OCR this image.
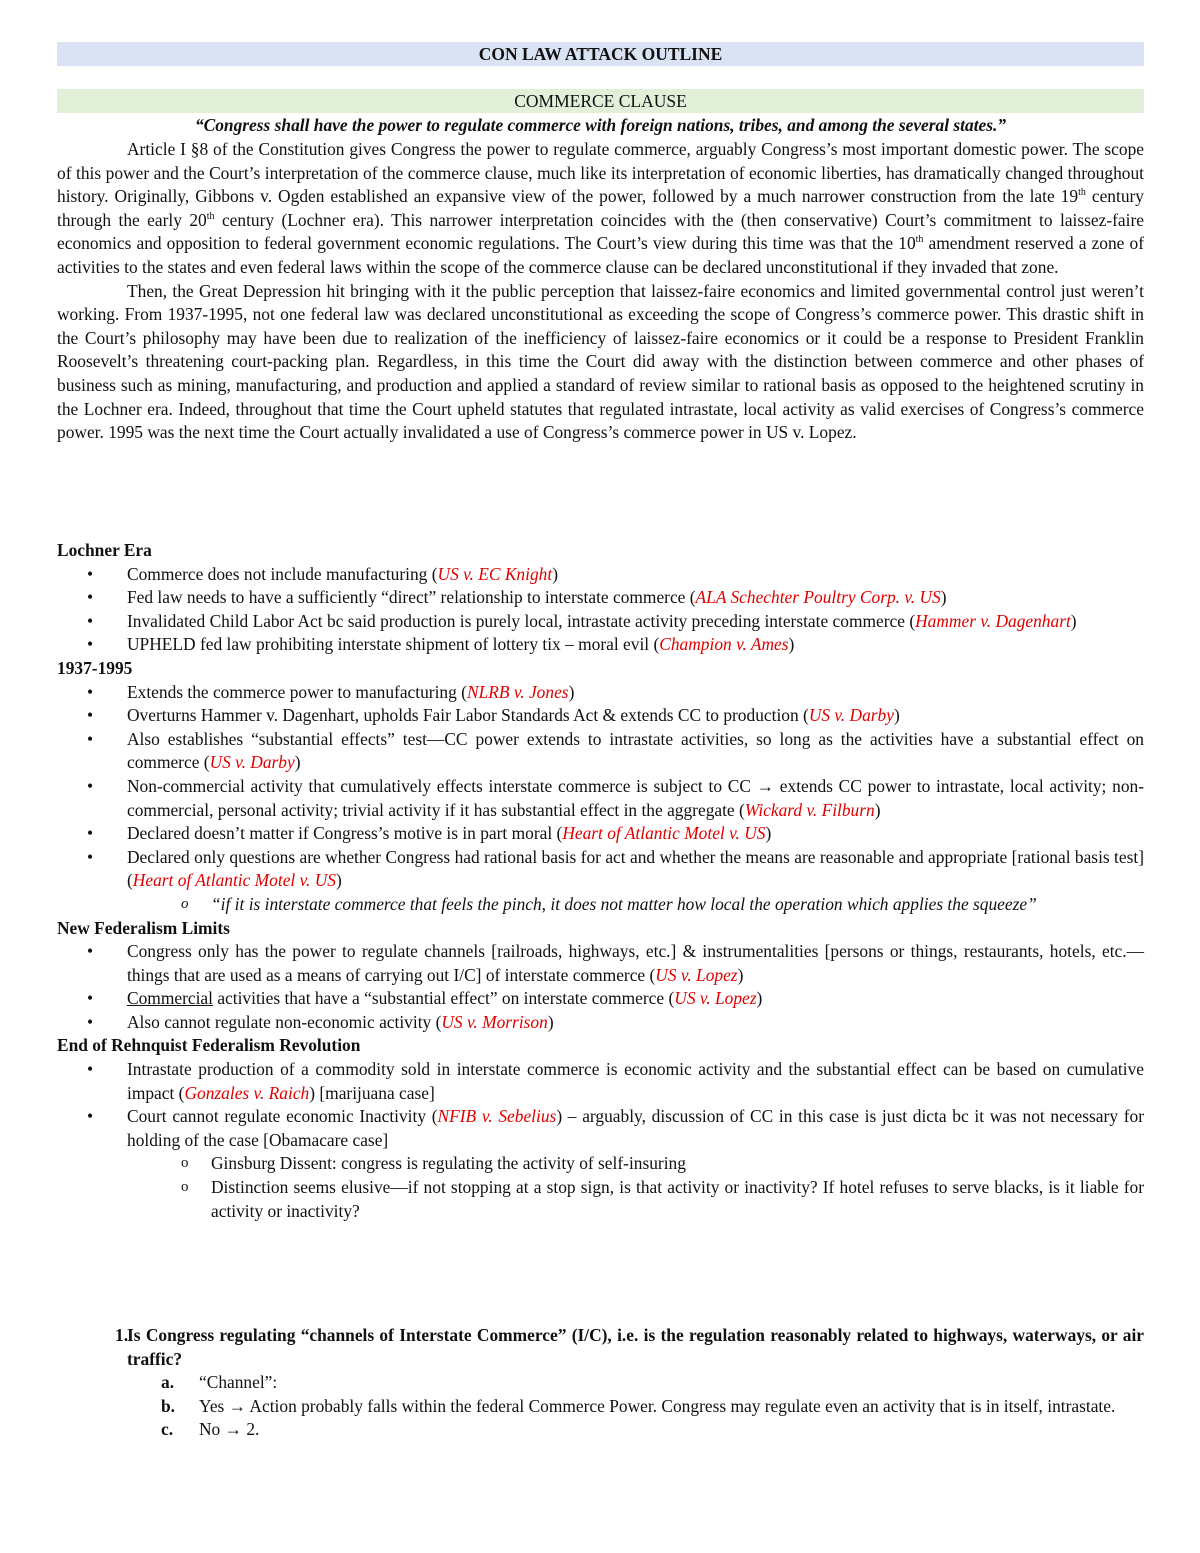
CON LAW ATTACK OUTLINE
COMMERCE CLAUSE
“Congress shall have the power to regulate commerce with foreign nations, tribes, and among the several states.”

Article I §8 of the Constitution gives Congress the power to regulate commerce, arguably Congress’s most important domestic power. The scope of this power and the Court’s interpretation of the commerce clause, much like its interpretation of economic liberties, has dramatically changed throughout history. Originally, Gibbons v. Ogden established an expansive view of the power, followed by a much narrower construction from the late 19th century through the early 20th century (Lochner era). This narrower interpretation coincides with the (then conservative) Court’s commitment to laissez-faire economics and opposition to federal government economic regulations. The Court’s view during this time was that the 10th amendment reserved a zone of activities to the states and even federal laws within the scope of the commerce clause can be declared unconstitutional if they invaded that zone.

Then, the Great Depression hit bringing with it the public perception that laissez-faire economics and limited governmental control just weren’t working. From 1937-1995, not one federal law was declared unconstitutional as exceeding the scope of Congress’s commerce power. This drastic shift in the Court’s philosophy may have been due to realization of the inefficiency of laissez-faire economics or it could be a response to President Franklin Roosevelt’s threatening court-packing plan. Regardless, in this time the Court did away with the distinction between commerce and other phases of business such as mining, manufacturing, and production and applied a standard of review similar to rational basis as opposed to the heightened scrutiny in the Lochner era. Indeed, throughout that time the Court upheld statutes that regulated intrastate, local activity as valid exercises of Congress’s commerce power. 1995 was the next time the Court actually invalidated a use of Congress’s commerce power in US v. Lopez.

Lochner Era
• Commerce does not include manufacturing (US v. EC Knight)
• Fed law needs to have a sufficiently “direct” relationship to interstate commerce (ALA Schechter Poultry Corp. v. US)
• Invalidated Child Labor Act bc said production is purely local, intrastate activity preceding interstate commerce (Hammer v. Dagenhart)
• UPHELD fed law prohibiting interstate shipment of lottery tix – moral evil (Champion v. Ames)
1937-1995
• Extends the commerce power to manufacturing (NLRB v. Jones)
• Overturns Hammer v. Dagenhart, upholds Fair Labor Standards Act & extends CC to production (US v. Darby)
• Also establishes “substantial effects” test—CC power extends to intrastate activities, so long as the activities have a substantial effect on commerce (US v. Darby)
• Non-commercial activity that cumulatively effects interstate commerce is subject to CC → extends CC power to intrastate, local activity; non-commercial, personal activity; trivial activity if it has substantial effect in the aggregate (Wickard v. Filburn)
• Declared doesn’t matter if Congress’s motive is in part moral (Heart of Atlantic Motel v. US)
• Declared only questions are whether Congress had rational basis for act and whether the means are reasonable and appropriate [rational basis test] (Heart of Atlantic Motel v. US)
o “if it is interstate commerce that feels the pinch, it does not matter how local the operation which applies the squeeze”
New Federalism Limits
• Congress only has the power to regulate channels [railroads, highways, etc.] & instrumentalities [persons or things, restaurants, hotels, etc.—things that are used as a means of carrying out I/C] of interstate commerce (US v. Lopez)
• Commercial activities that have a “substantial effect” on interstate commerce (US v. Lopez)
• Also cannot regulate non-economic activity (US v. Morrison)
End of Rehnquist Federalism Revolution
• Intrastate production of a commodity sold in interstate commerce is economic activity and the substantial effect can be based on cumulative impact (Gonzales v. Raich) [marijuana case]
• Court cannot regulate economic Inactivity (NFIB v. Sebelius) – arguably, discussion of CC in this case is just dicta bc it was not necessary for holding of the case [Obamacare case]
o Ginsburg Dissent: congress is regulating the activity of self-insuring
o Distinction seems elusive—if not stopping at a stop sign, is that activity or inactivity? If hotel refuses to serve blacks, is it liable for activity or inactivity?
1.
Is Congress regulating “channels of Interstate Commerce” (I/C), i.e. is the regulation reasonably related to highways, waterways, or air traffic?
a. “Channel”:
b. Yes → Action probably falls within the federal Commerce Power. Congress may regulate even an activity that is in itself, intrastate.
c. No → 2.
